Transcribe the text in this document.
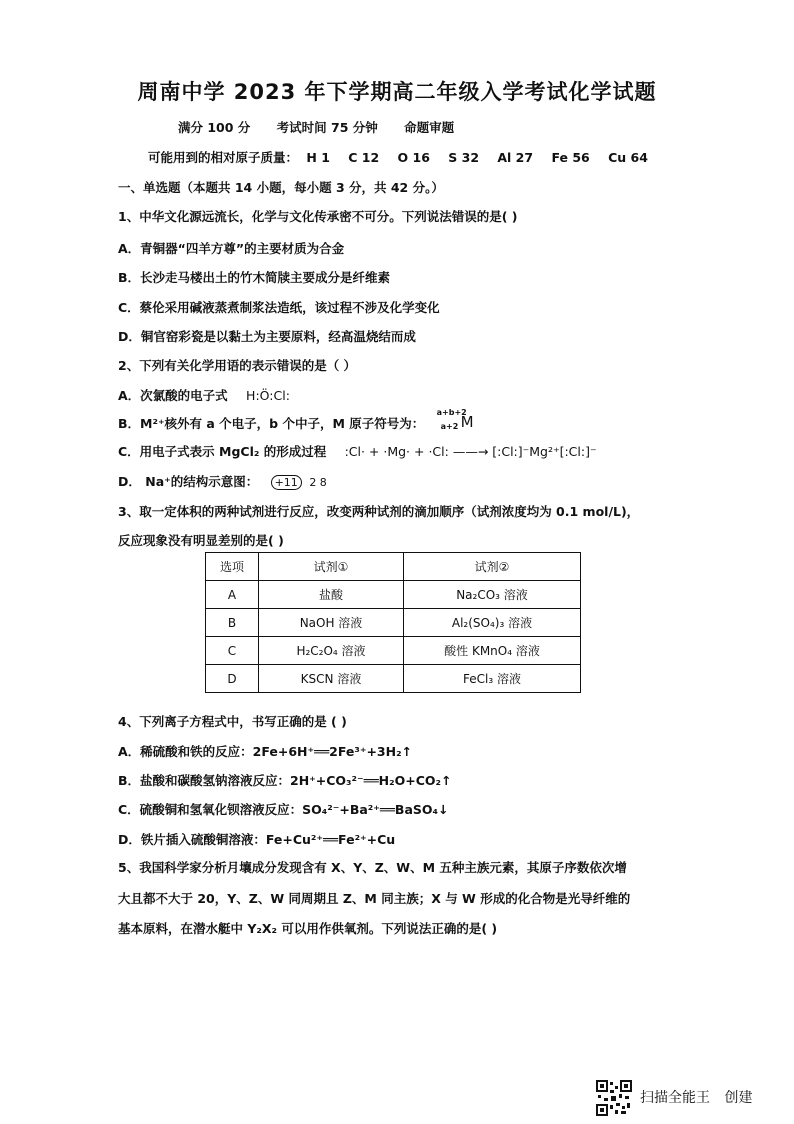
周南中学 2023 年下学期高二年级入学考试化学试题
满分 100 分 考试时间 75 分钟 命题审题
可能用到的相对原子质量： H 1 C 12 O 16 S 32 Al 27 Fe 56 Cu 64
一、单选题（本题共 14 小题，每小题 3 分，共 42 分。）
1、中华文化源远流长，化学与文化传承密不可分。下列说法错误的是( )
A．青铜器“四羊方尊”的主要材质为合金
B．长沙走马楼出土的竹木简牍主要成分是纤维素
C．蔡伦采用碱液蒸煮制浆法造纸，该过程不涉及化学变化
D．铜官窑彩瓷是以黏土为主要原料，经高温烧结而成
2、下列有关化学用语的表示错误的是（ ）
A．次氯酸的电子式 H:Ö:Cl:
B．M²⁺核外有 a 个电子，b 个中子，M 原子符号为：
a+b+2
a+2 M
C．用电子式表示 MgCl₂ 的形成过程 :Cl· + ·Mg· + ·Cl: ——→ [:Cl:]⁻Mg²⁺[:Cl:]⁻
D． Na⁺的结构示意图： +11 2 8
3、取一定体积的两种试剂进行反应，改变两种试剂的滴加顺序（试剂浓度均为 0.1 mol/L)，
反应现象没有明显差别的是( )
选项	试剂①	试剂②
A	盐酸	Na₂CO₃ 溶液
B	NaOH 溶液	Al₂(SO₄)₃ 溶液
C	H₂C₂O₄ 溶液	酸性 KMnO₄ 溶液
D	KSCN 溶液	FeCl₃ 溶液
4、下列离子方程式中，书写正确的是 ( )
A．稀硫酸和铁的反应：2Fe+6H⁺══2Fe³⁺+3H₂↑
B．盐酸和碳酸氢钠溶液反应：2H⁺+CO₃²⁻══H₂O+CO₂↑
C．硫酸铜和氢氧化钡溶液反应：SO₄²⁻+Ba²⁺══BaSO₄↓
D．铁片插入硫酸铜溶液：Fe+Cu²⁺══Fe²⁺+Cu
5、我国科学家分析月壤成分发现含有 X、Y、Z、W、M 五种主族元素，其原子序数依次增
大且都不大于 20，Y、Z、W 同周期且 Z、M 同主族；X 与 W 形成的化合物是光导纤维的
基本原料，在潜水艇中 Y₂X₂ 可以用作供氧剂。下列说法正确的是( )
扫描全能王 创建
